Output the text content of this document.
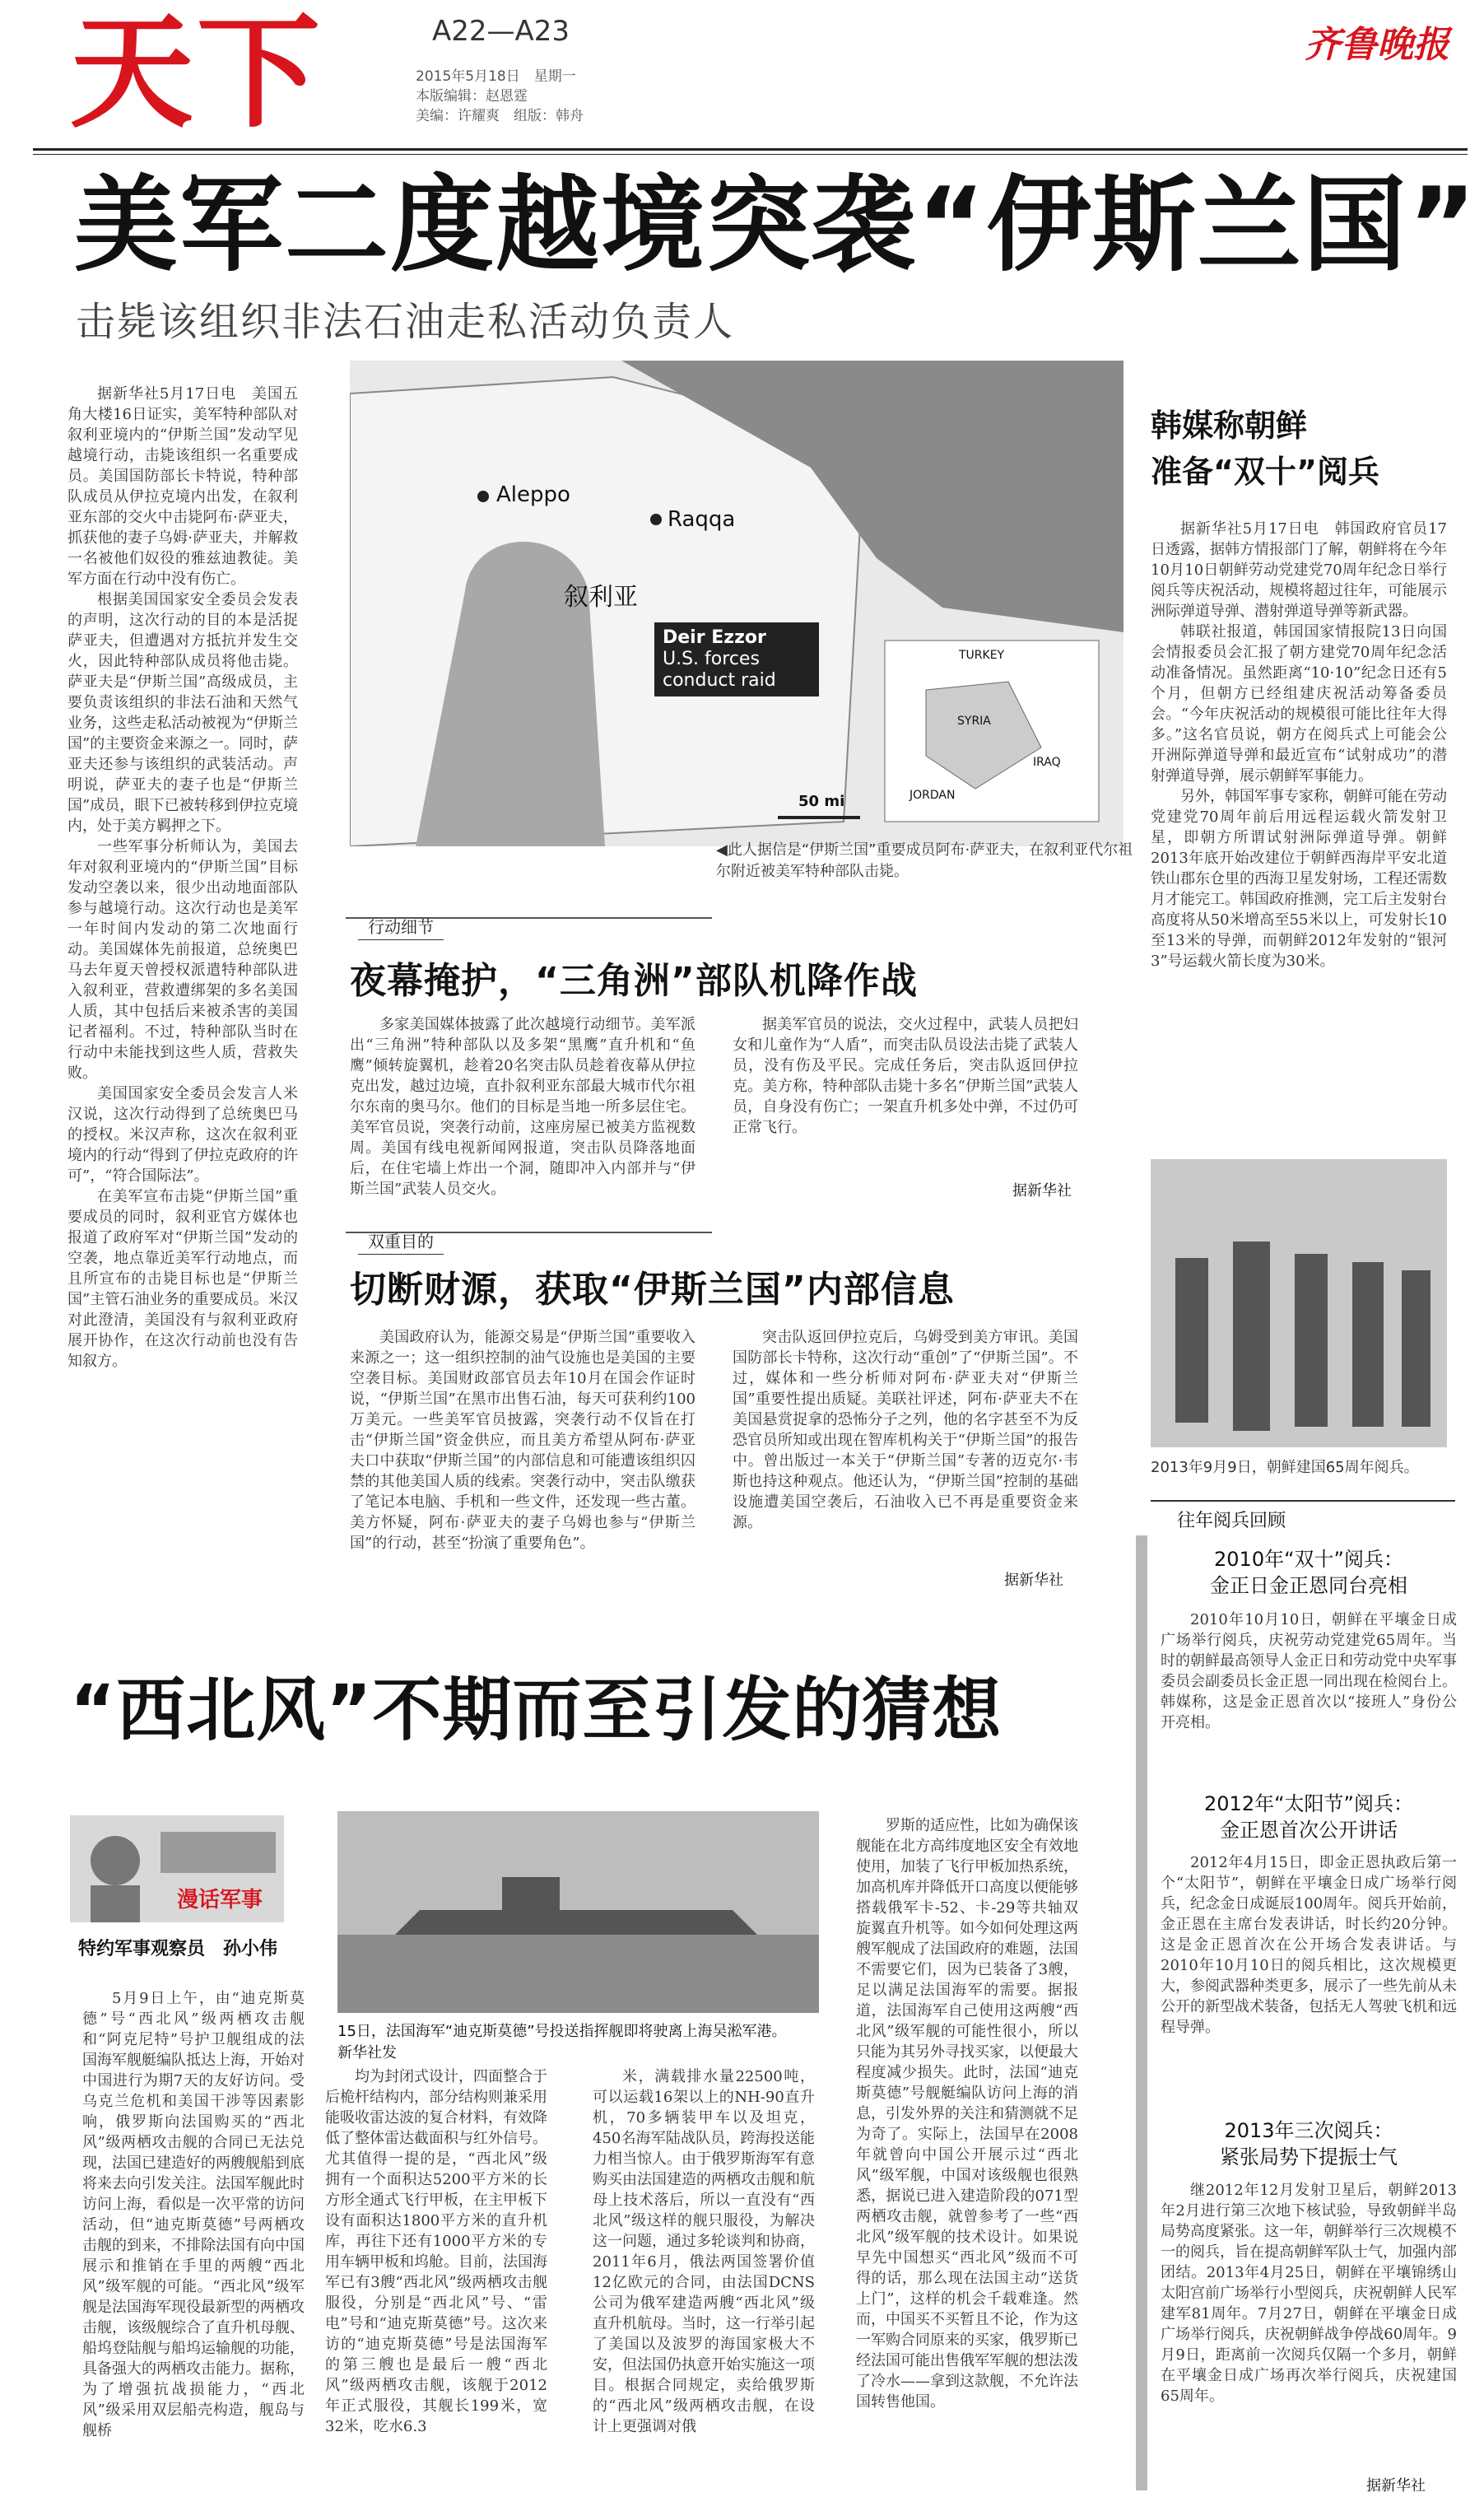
天下	A22—A23
2015年5月18日　星期一
本版编辑：赵恩霆
美编：许耀爽　组版：韩舟
齐鲁晚报
美军二度越境突袭“伊斯兰国”
击毙该组织非法石油走私活动负责人

据新华社5月17日电　美国五角大楼16日证实，美军特种部队对叙利亚境内的“伊斯兰国”发动罕见越境行动，击毙该组织一名重要成员。美国国防部长卡特说，特种部队成员从伊拉克境内出发，在叙利亚东部的交火中击毙阿布·萨亚夫，抓获他的妻子乌姆·萨亚夫，并解救一名被他们奴役的雅兹迪教徒。美军方面在行动中没有伤亡。

根据美国国家安全委员会发表的声明，这次行动的目的本是活捉萨亚夫，但遭遇对方抵抗并发生交火，因此特种部队成员将他击毙。萨亚夫是“伊斯兰国”高级成员，主要负责该组织的非法石油和天然气业务，这些走私活动被视为“伊斯兰国”的主要资金来源之一。同时，萨亚夫还参与该组织的武装活动。声明说，萨亚夫的妻子也是“伊斯兰国”成员，眼下已被转移到伊拉克境内，处于美方羁押之下。

一些军事分析师认为，美国去年对叙利亚境内的“伊斯兰国”目标发动空袭以来，很少出动地面部队参与越境行动。这次行动也是美军一年时间内发动的第二次地面行动。美国媒体先前报道，总统奥巴马去年夏天曾授权派遣特种部队进入叙利亚，营救遭绑架的多名美国人质，其中包括后来被杀害的美国记者福利。不过，特种部队当时在行动中未能找到这些人质，营救失败。

美国国家安全委员会发言人米汉说，这次行动得到了总统奥巴马的授权。米汉声称，这次在叙利亚境内的行动“得到了伊拉克政府的许可”，“符合国际法”。

在美军宣布击毙“伊斯兰国”重要成员的同时，叙利亚官方媒体也报道了政府军对“伊斯兰国”发动的空袭，地点靠近美军行动地点，而且所宣布的击毙目标也是“伊斯兰国”主管石油业务的重要成员。米汉对此澄清，美国没有与叙利亚政府展开协作，在这次行动前也没有告知叙方。

Aleppo
Raqqa
叙利亚
Deir Ezzor
U.S. forces
conduct raid
TURKEY
SYRIA
IRAQ
JORDAN
50 mi
◀此人据信是“伊斯兰国”重要成员阿布·萨亚夫，在叙利亚代尔祖尔附近被美军特种部队击毙。
行动细节
夜幕掩护，“三角洲”部队机降作战

多家美国媒体披露了此次越境行动细节。美军派出“三角洲”特种部队以及多架“黑鹰”直升机和“鱼鹰”倾转旋翼机，趁着20名突击队员趁着夜幕从伊拉克出发，越过边境，直扑叙利亚东部最大城市代尔祖尔东南的奥马尔。他们的目标是当地一所多层住宅。美军官员说，突袭行动前，这座房屋已被美方监视数周。美国有线电视新闻网报道，突击队员降落地面后，在住宅墙上炸出一个洞，随即冲入内部并与“伊斯兰国”武装人员交火。

据美军官员的说法，交火过程中，武装人员把妇女和儿童作为“人盾”，而突击队员设法击毙了武装人员，没有伤及平民。完成任务后，突击队返回伊拉克。美方称，特种部队击毙十多名“伊斯兰国”武装人员，自身没有伤亡；一架直升机多处中弹，不过仍可正常飞行。

据新华社
双重目的
切断财源，获取“伊斯兰国”内部信息

美国政府认为，能源交易是“伊斯兰国”重要收入来源之一；这一组织控制的油气设施也是美国的主要空袭目标。美国财政部官员去年10月在国会作证时说，“伊斯兰国”在黑市出售石油，每天可获利约100万美元。一些美军官员披露，突袭行动不仅旨在打击“伊斯兰国”资金供应，而且美方希望从阿布·萨亚夫口中获取“伊斯兰国”的内部信息和可能遭该组织囚禁的其他美国人质的线索。突袭行动中，突击队缴获了笔记本电脑、手机和一些文件，还发现一些古董。美方怀疑，阿布·萨亚夫的妻子乌姆也参与“伊斯兰国”的行动，甚至“扮演了重要角色”。

突击队返回伊拉克后，乌姆受到美方审讯。美国国防部长卡特称，这次行动“重创”了“伊斯兰国”。不过，媒体和一些分析师对阿布·萨亚夫对“伊斯兰国”重要性提出质疑。美联社评述，阿布·萨亚夫不在美国悬赏捉拿的恐怖分子之列，他的名字甚至不为反恐官员所知或出现在智库机构关于“伊斯兰国”的报告中。曾出版过一本关于“伊斯兰国”专著的迈克尔·韦斯也持这种观点。他还认为，“伊斯兰国”控制的基础设施遭美国空袭后，石油收入已不再是重要资金来源。

据新华社
韩媒称朝鲜
准备“双十”阅兵

据新华社5月17日电　韩国政府官员17日透露，据韩方情报部门了解，朝鲜将在今年10月10日朝鲜劳动党建党70周年纪念日举行阅兵等庆祝活动，规模将超过往年，可能展示洲际弹道导弹、潜射弹道导弹等新武器。

韩联社报道，韩国国家情报院13日向国会情报委员会汇报了朝方建党70周年纪念活动准备情况。虽然距离“10·10”纪念日还有5个月，但朝方已经组建庆祝活动筹备委员会。“今年庆祝活动的规模很可能比往年大得多。”这名官员说，朝方在阅兵式上可能会公开洲际弹道导弹和最近宣布“试射成功”的潜射弹道导弹，展示朝鲜军事能力。

另外，韩国军事专家称，朝鲜可能在劳动党建党70周年前后用远程运载火箭发射卫星，即朝方所谓试射洲际弹道导弹。朝鲜2013年底开始改建位于朝鲜西海岸平安北道铁山郡东仓里的西海卫星发射场，工程还需数月才能完工。韩国政府推测，完工后主发射台高度将从50米增高至55米以上，可发射长10至13米的导弹，而朝鲜2012年发射的“银河3”号运载火箭长度为30米。

2013年9月9日，朝鲜建国65周年阅兵。
往年阅兵回顾
2010年“双十”阅兵：
金正日金正恩同台亮相

2010年10月10日，朝鲜在平壤金日成广场举行阅兵，庆祝劳动党建党65周年。当时的朝鲜最高领导人金正日和劳动党中央军事委员会副委员长金正恩一同出现在检阅台上。韩媒称，这是金正恩首次以“接班人”身份公开亮相。

2012年“太阳节”阅兵：
金正恩首次公开讲话

2012年4月15日，即金正恩执政后第一个“太阳节”，朝鲜在平壤金日成广场举行阅兵，纪念金日成诞辰100周年。阅兵开始前，金正恩在主席台发表讲话，时长约20分钟。这是金正恩首次在公开场合发表讲话。与2010年10月10日的阅兵相比，这次规模更大，参阅武器种类更多，展示了一些先前从未公开的新型战术装备，包括无人驾驶飞机和远程导弹。

2013年三次阅兵：
紧张局势下提振士气

继2012年12月发射卫星后，朝鲜2013年2月进行第三次地下核试验，导致朝鲜半岛局势高度紧张。这一年，朝鲜举行三次规模不一的阅兵，旨在提高朝鲜军队士气，加强内部团结。2013年4月25日，朝鲜在平壤锦绣山太阳宫前广场举行小型阅兵，庆祝朝鲜人民军建军81周年。7月27日，朝鲜在平壤金日成广场举行阅兵，庆祝朝鲜战争停战60周年。9月9日，距离前一次阅兵仅隔一个多月，朝鲜在平壤金日成广场再次举行阅兵，庆祝建国65周年。

据新华社
“西北风”不期而至引发的猜想
漫话军事
特约军事观察员　孙小伟
15日，法国海军“迪克斯莫德”号投送指挥舰即将驶离上海吴淞军港。　　　　新华社发

5月9日上午，由“迪克斯莫德”号“西北风”级两栖攻击舰和“阿克尼特”号护卫舰组成的法国海军舰艇编队抵达上海，开始对中国进行为期7天的友好访问。受乌克兰危机和美国干涉等因素影响，俄罗斯向法国购买的“西北风”级两栖攻击舰的合同已无法兑现，法国已建造好的两艘舰船到底将来去向引发关注。法国军舰此时访问上海，看似是一次平常的访问活动，但“迪克斯莫德”号两栖攻击舰的到来，不排除法国有向中国展示和推销在手里的两艘“西北风”级军舰的可能。“西北风”级军舰是法国海军现役最新型的两栖攻击舰，该级舰综合了直升机母舰、船坞登陆舰与船坞运输舰的功能，具备强大的两栖攻击能力。据称，为了增强抗战损能力，“西北风”级采用双层船壳构造，舰岛与舰桥

均为封闭式设计，四面整合于后桅杆结构内，部分结构则兼采用能吸收雷达波的复合材料，有效降低了整体雷达截面积与红外信号。尤其值得一提的是，“西北风”级拥有一个面积达5200平方米的长方形全通式飞行甲板，在主甲板下设有面积达1800平方米的直升机库，再往下还有1000平方米的专用车辆甲板和坞舱。目前，法国海军已有3艘“西北风”级两栖攻击舰服役，分别是“西北风”号、“雷电”号和“迪克斯莫德”号。这次来访的“迪克斯莫德”号是法国海军的第三艘也是最后一艘“西北风”级两栖攻击舰，该舰于2012年正式服役，其舰长199米，宽32米，吃水6.3

米，满载排水量22500吨，可以运载16架以上的NH-90直升机，70多辆装甲车以及坦克，450名海军陆战队员，跨海投送能力相当惊人。由于俄罗斯海军有意购买由法国建造的两栖攻击舰和航母上技术落后，所以一直没有“西北风”级这样的舰只服役，为解决这一问题，通过多轮谈判和协商，2011年6月，俄法两国签署价值12亿欧元的合同，由法国DCNS公司为俄军建造两艘“西北风”级直升机航母。当时，这一行举引起了美国以及波罗的海国家极大不安，但法国仍执意开始实施这一项目。根据合同规定，卖给俄罗斯的“西北风”级两栖攻击舰，在设计上更强调对俄

罗斯的适应性，比如为确保该舰能在北方高纬度地区安全有效地使用，加装了飞行甲板加热系统，加高机库并降低开口高度以便能够搭载俄军卡-52、卡-29等共轴双旋翼直升机等。如今如何处理这两艘军舰成了法国政府的难题，法国不需要它们，因为已装备了3艘，足以满足法国海军的需要。据报道，法国海军自己使用这两艘“西北风”级军舰的可能性很小，所以只能为其另外寻找买家，以便最大程度减少损失。此时，法国“迪克斯莫德”号舰艇编队访问上海的消息，引发外界的关注和猜测就不足为奇了。实际上，法国早在2008年就曾向中国公开展示过“西北风”级军舰，中国对该级舰也很熟悉，据说已进入建造阶段的071型两栖攻击舰，就曾参考了一些“西北风”级军舰的技术设计。如果说早先中国想买“西北风”级而不可得的话，那么现在法国主动“送货上门”，这样的机会千载难逢。然而，中国买不买暂且不论，作为这一军购合同原来的买家，俄罗斯已经法国可能出售俄军军舰的想法泼了冷水——拿到这款舰，不允许法国转售他国。
